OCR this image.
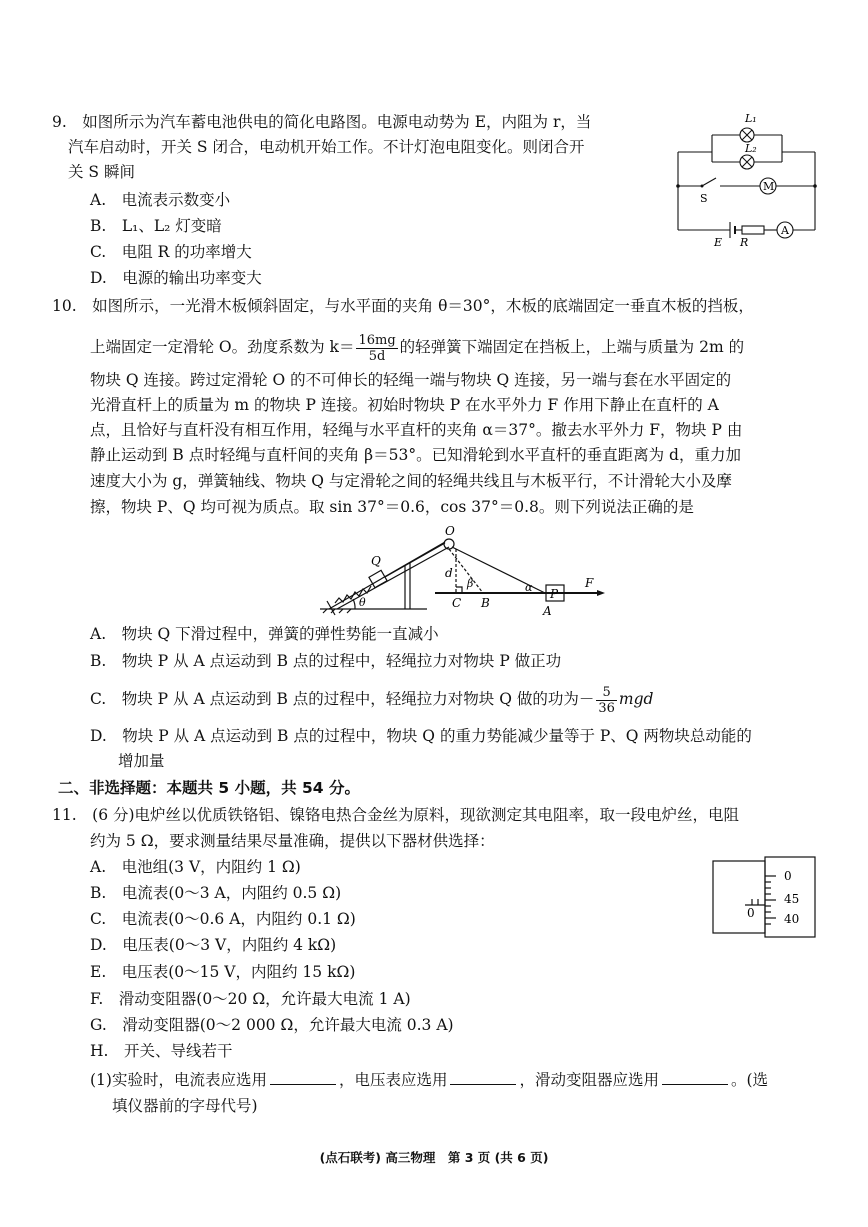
9.　如图所示为汽车蓄电池供电的简化电路图。电源电动势为 E，内阻为 r，当
汽车启动时，开关 S 闭合，电动机开始工作。不计灯泡电阻变化。则闭合开
关 S 瞬间
A.　电流表示数变小
B.　L₁、L₂ 灯变暗
C.　电阻 R 的功率增大
D.　电源的输出功率变大
L₁
L₂
M
S
E R
A
10.　如图所示，一光滑木板倾斜固定，与水平面的夹角 θ＝30°，木板的底端固定一垂直木板的挡板，
上端固定一定滑轮 O。劲度系数为 $k= \frac{16mg}{5d}$ 的轻弹簧下端固定在挡板上，上端与质量为 2m 的
物块 Q 连接。跨过定滑轮 O 的不可伸长的轻绳一端与物块 Q 连接，另一端与套在水平固定的
光滑直杆上的质量为 m 的物块 P 连接。初始时物块 P 在水平外力 F 作用下静止在直杆的 A
点，且恰好与直杆没有相互作用，轻绳与水平直杆的夹角 α＝37°。撤去水平外力 F，物块 P 由
静止运动到 B 点时轻绳与直杆间的夹角 β＝53°。已知滑轮到水平直杆的垂直距离为 d，重力加
速度大小为 g，弹簧轴线、物块 Q 与定滑轮之间的轻绳共线且与木板平行，不计滑轮大小及摩
擦，物块 P、Q 均可视为质点。取 sin 37°＝0.6，cos 37°＝0.8。则下列说法正确的是
O
Q
d
β	α P
F
C B
A
θ
A.　物块 Q 下滑过程中，弹簧的弹性势能一直减小
B.　物块 P 从 A 点运动到 B 点的过程中，轻绳拉力对物块 P 做正功
C.　物块 P 从 A 点运动到 B 点的过程中，轻绳拉力对物块 Q 做的功为－ $\frac{5}{36}$ mgd
D.　物块 P 从 A 点运动到 B 点的过程中，物块 Q 的重力势能减少量等于 P、Q 两物块总动能的
增加量
二、非选择题：本题共 5 小题，共 54 分。
11.　(6 分)电炉丝以优质铁铬铝、镍铬电热合金丝为原料，现欲测定其电阻率，取一段电炉丝，电阻
约为 5 Ω，要求测量结果尽量准确，提供以下器材供选择：
A.　电池组(3 V，内阻约 1 Ω)
B.　电流表(0～3 A，内阻约 0.5 Ω)
C.　电流表(0～0.6 A，内阻约 0.1 Ω)
D.　电压表(0～3 V，内阻约 4 kΩ)
E.　电压表(0～15 V，内阻约 15 kΩ)
F.　滑动变阻器(0～20 Ω，允许最大电流 1 A)
G.　滑动变阻器(0～2 000 Ω，允许最大电流 0.3 A)
H.　开关、导线若干
0
45
40
0
(1)实验时，电流表应选用	，电压表应选用	，滑动变阻器应选用	。(选
填仪器前的字母代号)
(点石联考) 高三物理　第 3 页 (共 6 页)
